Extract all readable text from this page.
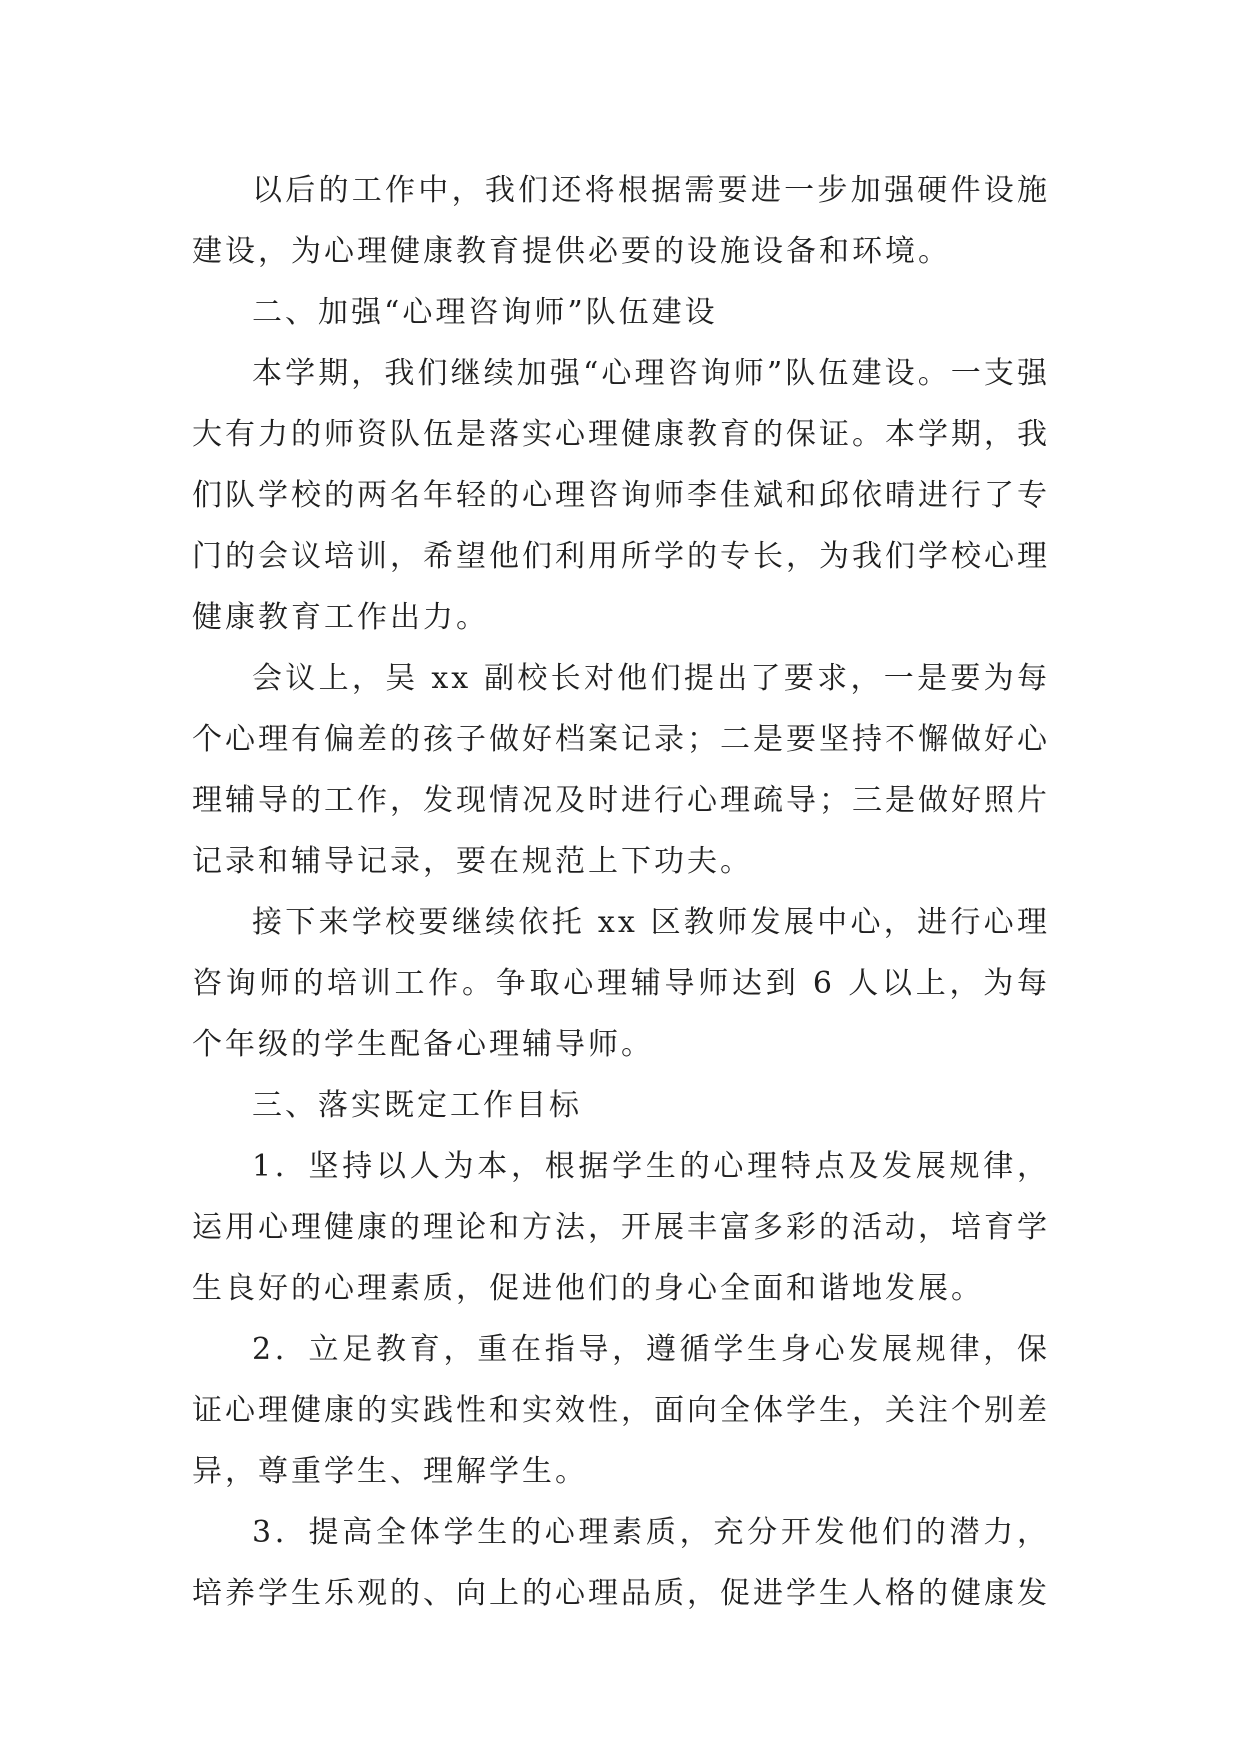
以后的工作中，我们还将根据需要进一步加强硬件设施建设，为心理健康教育提供必要的设施设备和环境。

二、加强“心理咨询师”队伍建设

本学期，我们继续加强“心理咨询师”队伍建设。一支强大有力的师资队伍是落实心理健康教育的保证。本学期，我们队学校的两名年轻的心理咨询师李佳斌和邱依晴进行了专门的会议培训，希望他们利用所学的专长，为我们学校心理健康教育工作出力。

会议上，吴 xx 副校长对他们提出了要求，一是要为每个心理有偏差的孩子做好档案记录；二是要坚持不懈做好心理辅导的工作，发现情况及时进行心理疏导；三是做好照片记录和辅导记录，要在规范上下功夫。

接下来学校要继续依托 xx 区教师发展中心，进行心理咨询师的培训工作。争取心理辅导师达到 6 人以上，为每个年级的学生配备心理辅导师。

三、落实既定工作目标

1．坚持以人为本，根据学生的心理特点及发展规律，运用心理健康的理论和方法，开展丰富多彩的活动，培育学生良好的心理素质，促进他们的身心全面和谐地发展。

2．立足教育，重在指导，遵循学生身心发展规律，保证心理健康的实践性和实效性，面向全体学生，关注个别差异，尊重学生、理解学生。

3．提高全体学生的心理素质，充分开发他们的潜力，培养学生乐观的、向上的心理品质，促进学生人格的健康发
